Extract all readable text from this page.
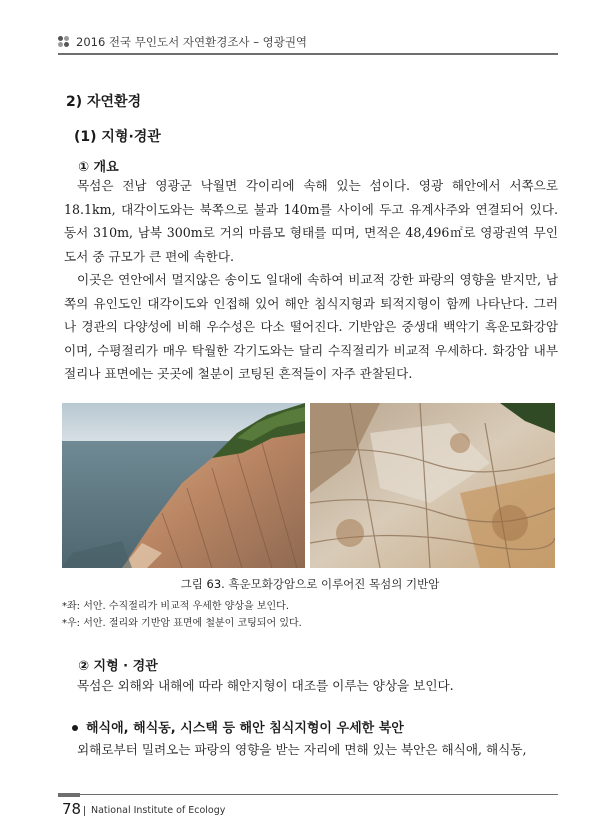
2016 전국 무인도서 자연환경조사 – 영광권역
2) 자연환경
(1) 지형·경관
① 개요

목섬은 전남 영광군 낙월면 각이리에 속해 있는 섬이다. 영광 해안에서 서쪽으로 18.1km, 대각이도와는 북쪽으로 불과 140m를 사이에 두고 유계사주와 연결되어 있다. 동서 310m, 남북 300m로 거의 마름모 형태를 띠며, 면적은 48,496㎡로 영광권역 무인도서 중 규모가 큰 편에 속한다.

이곳은 연안에서 멀지않은 송이도 일대에 속하여 비교적 강한 파랑의 영향을 받지만, 남쪽의 유인도인 대각이도와 인접해 있어 해안 침식지형과 퇴적지형이 함께 나타난다. 그러나 경관의 다양성에 비해 우수성은 다소 떨어진다. 기반암은 중생대 백악기 흑운모화강암이며, 수평절리가 매우 탁월한 각기도와는 달리 수직절리가 비교적 우세하다. 화강암 내부 절리나 표면에는 곳곳에 철분이 코팅된 흔적들이 자주 관찰된다.

그림 63. 흑운모화강암으로 이루어진 목섬의 기반암
*좌: 서안. 수직절리가 비교적 우세한 양상을 보인다.
*우: 서안. 절리와 기반암 표면에 철분이 코팅되어 있다.
② 지형 · 경관

목섬은 외해와 내해에 따라 해안지형이 대조를 이루는 양상을 보인다.

해식애, 해식동, 시스택 등 해안 침식지형이 우세한 북안

외해로부터 밀려오는 파랑의 영향을 받는 자리에 면해 있는 북안은 해식애, 해식동,

78 National Institute of Ecology
